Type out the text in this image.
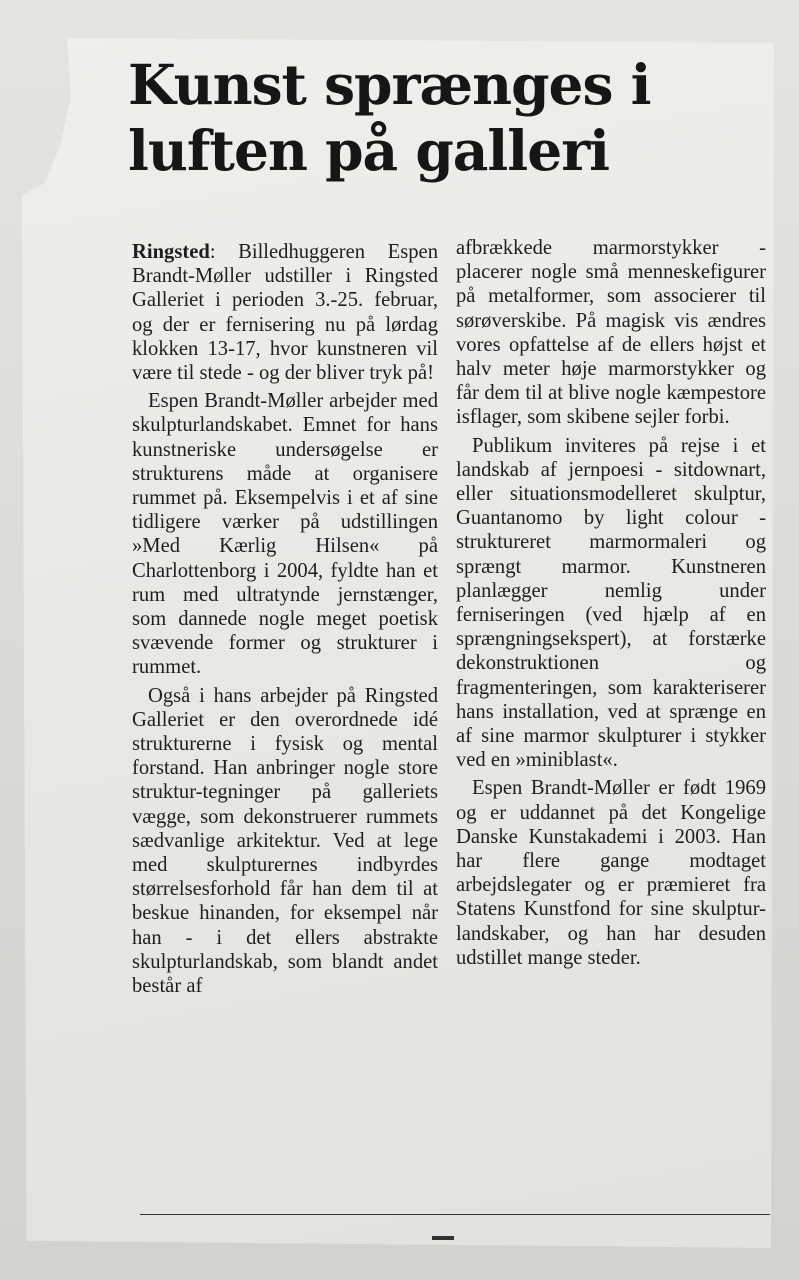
Kunst sprænges i
luften på galleri

Ringsted: Billedhuggeren Espen Brandt-Møller udstiller i Ringsted Galleriet i perioden 3.-25. februar, og der er fernisering nu på lørdag klokken 13-17, hvor kunstneren vil være til stede - og der bliver tryk på!

Espen Brandt-Møller arbejder med skulpturlandskabet. Emnet for hans kunstneriske undersøgelse er strukturens måde at organisere rummet på. Eksempelvis i et af sine tidligere værker på udstillingen »Med Kærlig Hilsen« på Charlottenborg i 2004, fyldte han et rum med ultratynde jernstænger, som dannede nogle meget poetisk svævende former og strukturer i rummet.

Også i hans arbejder på Ringsted Galleriet er den overordnede idé strukturerne i fysisk og mental forstand. Han anbringer nogle store struktur-tegninger på galleriets vægge, som dekonstruerer rummets sædvanlige arkitektur. Ved at lege med skulpturernes indbyrdes størrelsesforhold får han dem til at beskue hinanden, for eksempel når han - i det ellers abstrakte skulpturlandskab, som blandt andet består af

afbrækkede marmorstykker - placerer nogle små menneskefigurer på metalformer, som associerer til sørøverskibe. På magisk vis ændres vores opfattelse af de ellers højst et halv meter høje marmorstykker og får dem til at blive nogle kæmpestore isflager, som skibene sejler forbi.

Publikum inviteres på rejse i et landskab af jernpoesi - sitdownart, eller situationsmodelleret skulptur, Guantanomo by light colour - struktureret marmormaleri og sprængt marmor. Kunstneren planlægger nemlig under ferniseringen (ved hjælp af en sprængningsekspert), at forstærke dekonstruktionen og fragmenteringen, som karakteriserer hans installation, ved at sprænge en af sine marmor skulpturer i stykker ved en »miniblast«.

Espen Brandt-Møller er født 1969 og er uddannet på det Kongelige Danske Kunstakademi i 2003. Han har flere gange modtaget arbejdslegater og er præmieret fra Statens Kunstfond for sine skulptur-landskaber, og han har desuden udstillet mange steder.
